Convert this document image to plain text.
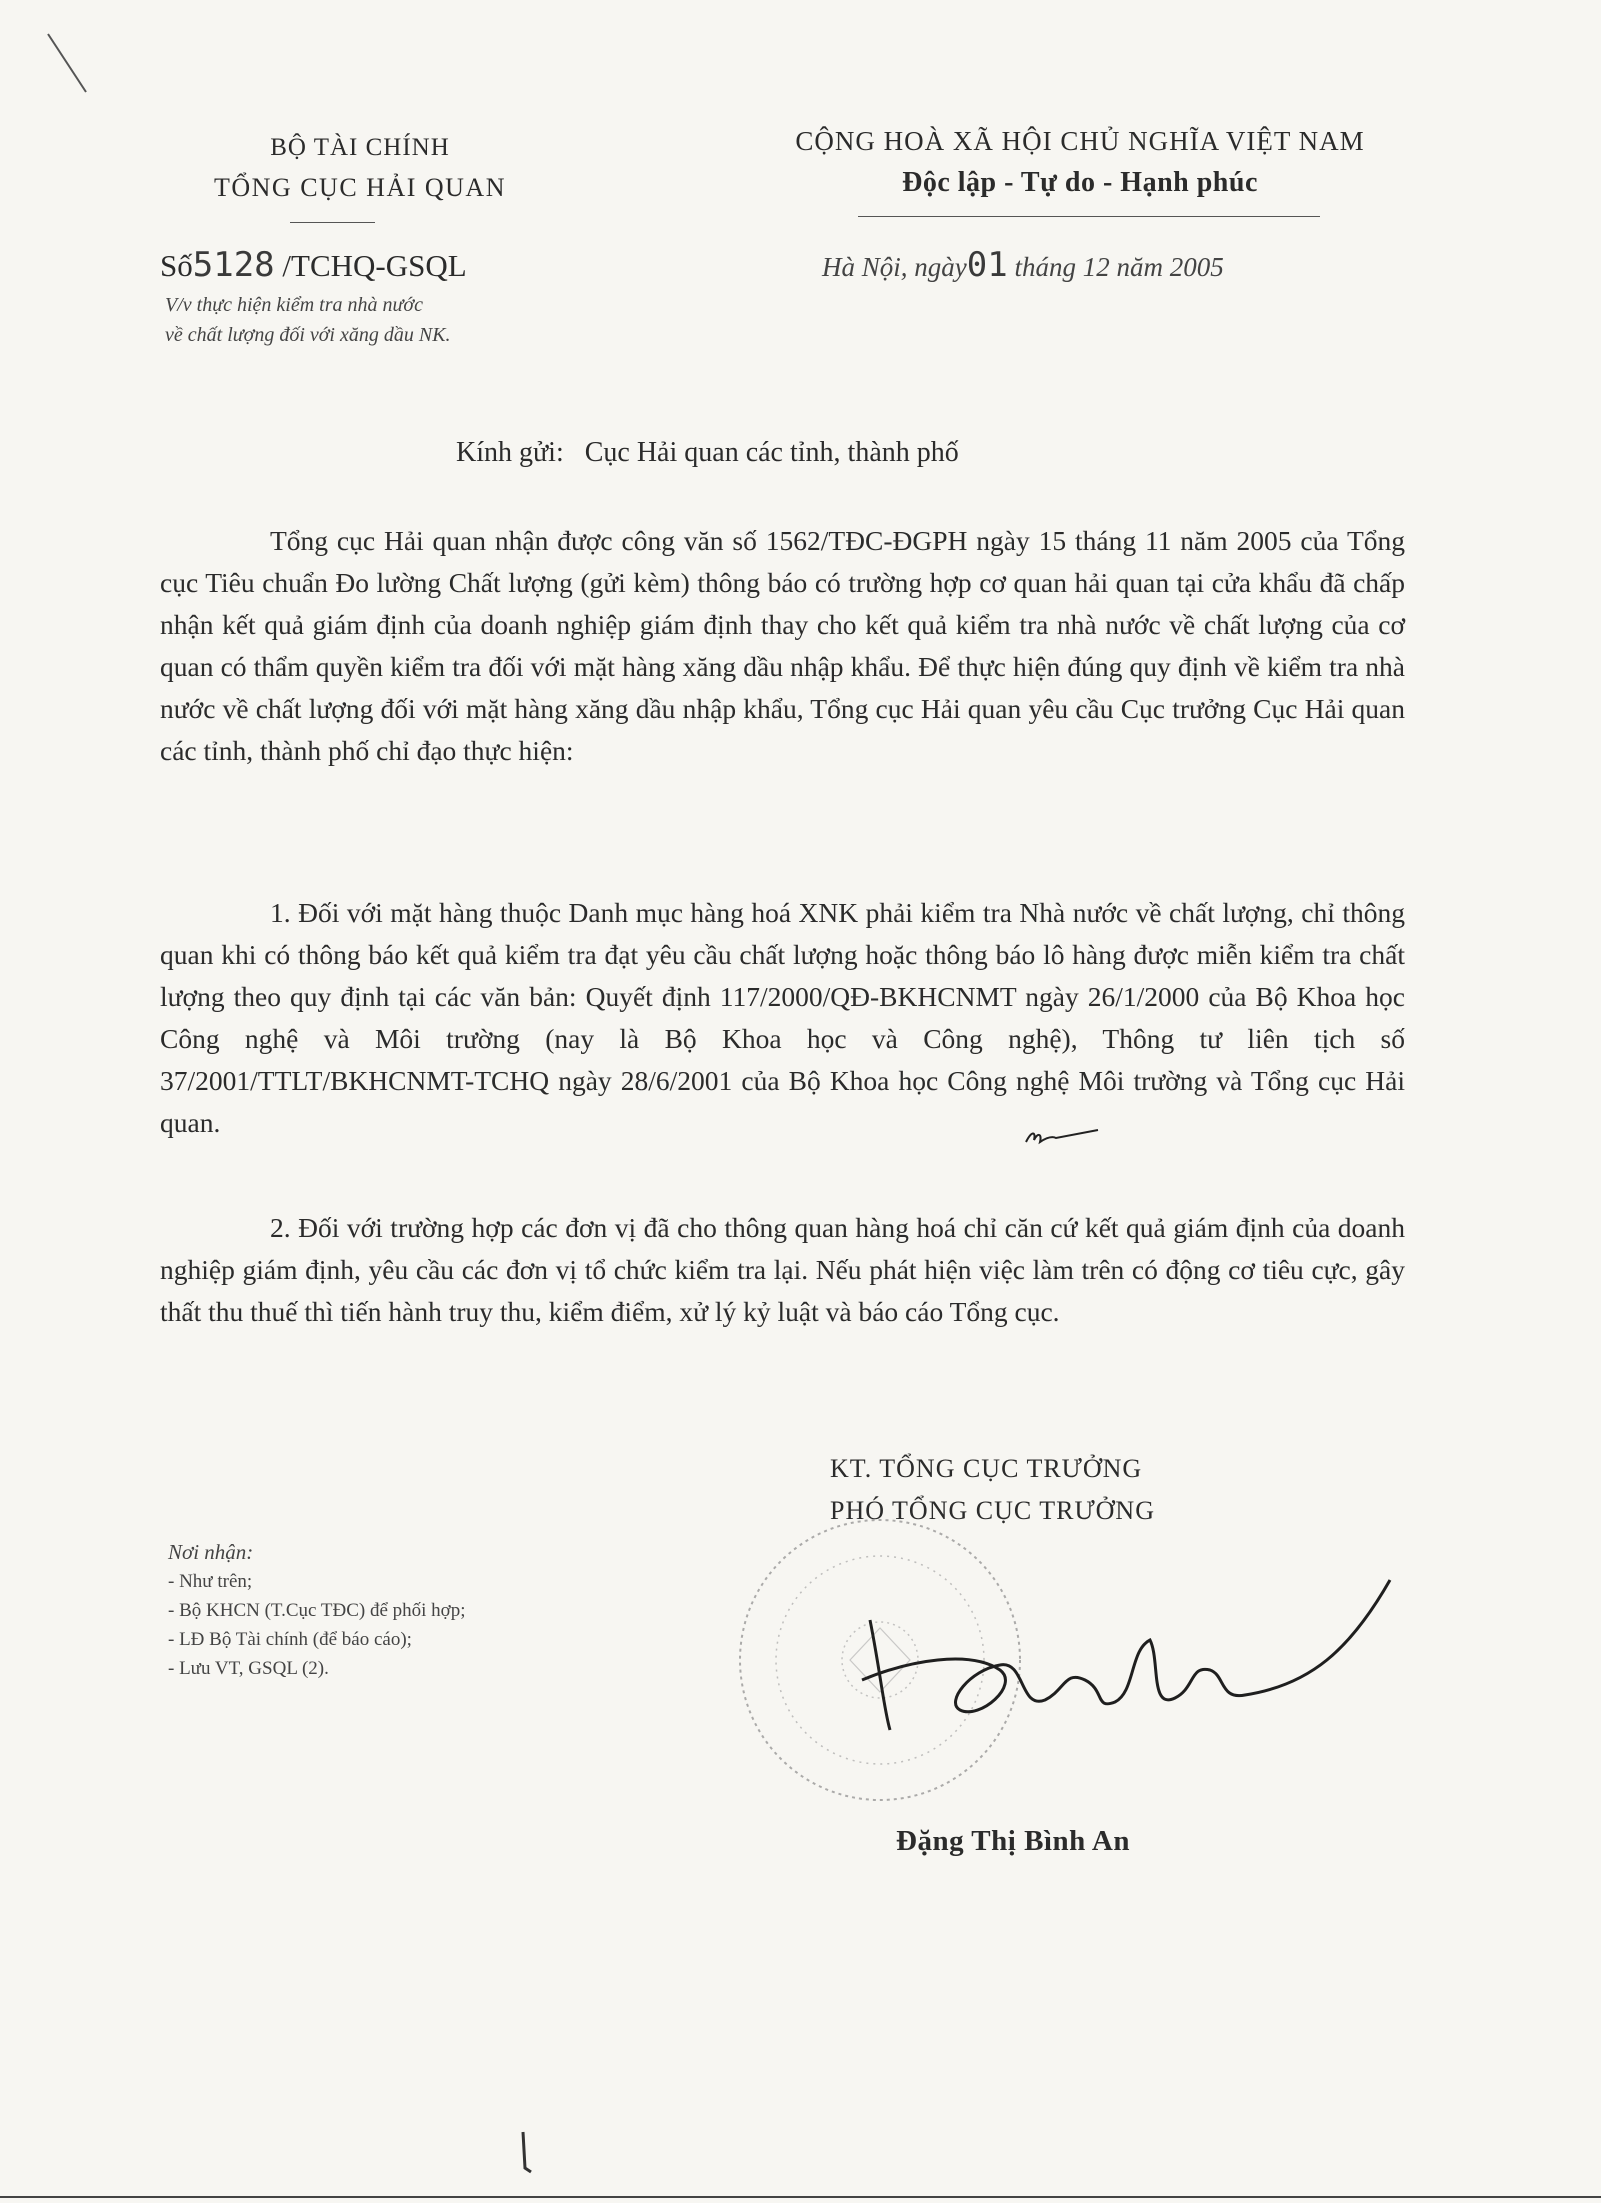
BỘ TÀI CHÍNH
TỔNG CỤC HẢI QUAN
CỘNG HOÀ XÃ HỘI CHỦ NGHĨA VIỆT NAM
Độc lập - Tự do - Hạnh phúc
Số5128 /TCHQ-GSQL
V/v thực hiện kiểm tra nhà nước
về chất lượng đối với xăng dầu NK.
Hà Nội, ngày01 tháng 12 năm 2005
Kính gửi:   Cục Hải quan các tỉnh, thành phố
Tổng cục Hải quan nhận được công văn số 1562/TĐC-ĐGPH ngày 15 tháng 11 năm 2005 của Tổng cục Tiêu chuẩn Đo lường Chất lượng (gửi kèm) thông báo có trường hợp cơ quan hải quan tại cửa khẩu đã chấp nhận kết quả giám định của doanh nghiệp giám định thay cho kết quả kiểm tra nhà nước về chất lượng của cơ quan có thẩm quyền kiểm tra đối với mặt hàng xăng dầu nhập khẩu. Để thực hiện đúng quy định về kiểm tra nhà nước về chất lượng đối với mặt hàng xăng dầu nhập khẩu, Tổng cục Hải quan yêu cầu Cục trưởng Cục Hải quan các tỉnh, thành phố chỉ đạo thực hiện:
1. Đối với mặt hàng thuộc Danh mục hàng hoá XNK phải kiểm tra Nhà nước về chất lượng, chỉ thông quan khi có thông báo kết quả kiểm tra đạt yêu cầu chất lượng hoặc thông báo lô hàng được miễn kiểm tra chất lượng theo quy định tại các văn bản: Quyết định 117/2000/QĐ-BKHCNMT ngày 26/1/2000 của Bộ Khoa học Công nghệ và Môi trường (nay là Bộ Khoa học và Công nghệ), Thông tư liên tịch số 37/2001/TTLT/BKHCNMT-TCHQ ngày 28/6/2001 của Bộ Khoa học Công nghệ Môi trường và Tổng cục Hải quan.
2. Đối với trường hợp các đơn vị đã cho thông quan hàng hoá chỉ căn cứ kết quả giám định của doanh nghiệp giám định, yêu cầu các đơn vị tổ chức kiểm tra lại. Nếu phát hiện việc làm trên có động cơ tiêu cực, gây thất thu thuế thì tiến hành truy thu, kiểm điểm, xử lý kỷ luật và báo cáo Tổng cục.
KT. TỔNG CỤC TRƯỞNG
PHÓ TỔNG CỤC TRƯỞNG
Đặng Thị Bình An
Nơi nhận:
- Như trên;
- Bộ KHCN (T.Cục TĐC) để phối hợp;
- LĐ Bộ Tài chính (để báo cáo);
- Lưu VT, GSQL (2).
